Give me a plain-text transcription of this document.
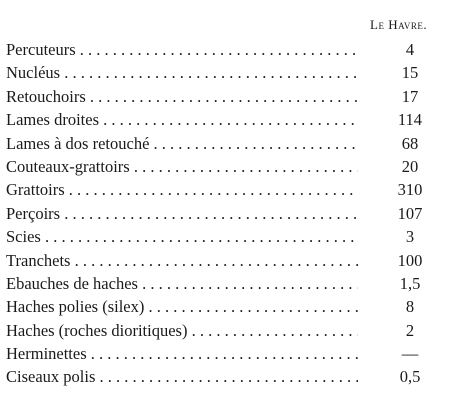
Le Havre.
Percuteurs . . .	4
Nucléus . . .	15
Retouchoirs . . .	17
Lames droites . . .	114
Lames à dos retouché . . .	68
Couteaux-grattoirs . . .	20
Grattoirs . . .	310
Perçoirs . . .	107
Scies . . .	3
Tranchets . . .	100
Ebauches de haches . . .	1,5
Haches polies (silex) . . .	8
Haches (roches dioritiques) . . .	2
Herminettes . . .	—
Ciseaux polis . . .	0,5
